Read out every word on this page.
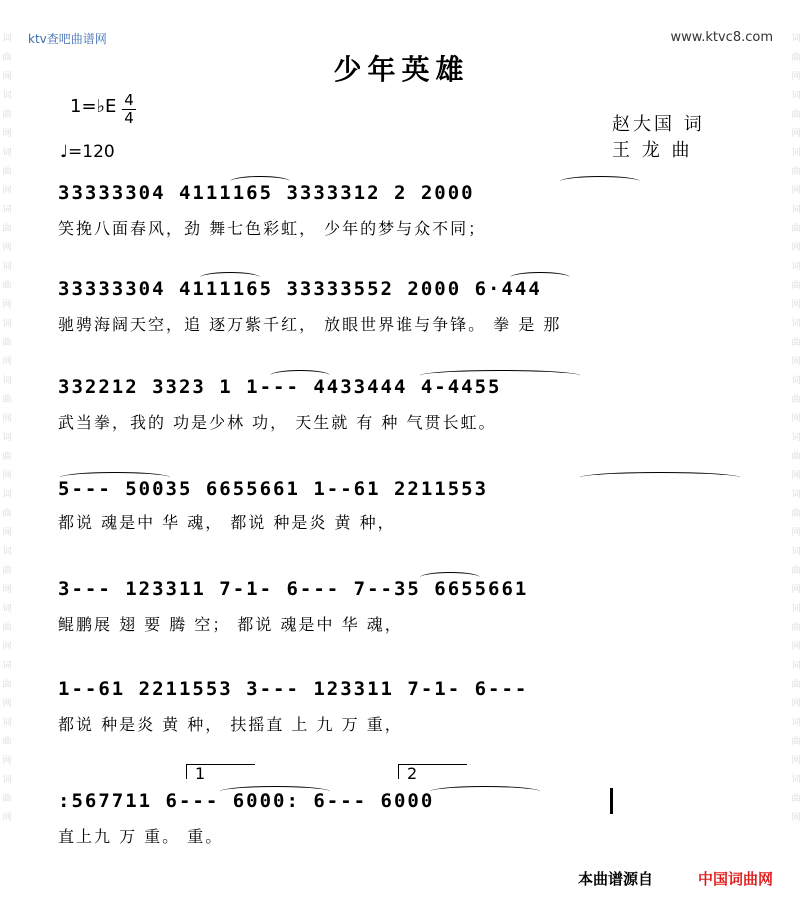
ktv查吧曲谱网	www.ktvc8.com
词曲网词曲网词曲网词曲网词曲网词曲网词曲网词曲网词曲网词曲网词曲网词曲网词曲网词曲网
词曲网词曲网词曲网词曲网词曲网词曲网词曲网词曲网词曲网词曲网词曲网词曲网词曲网词曲网
少年英雄
1=♭E 4
4
♩=120
赵大国 词
王 龙 曲
33333304 4111165 3333312 2 2000
笑挽八面春风，劲 舞七色彩虹， 少年的梦与众不同；
33333304 4111165 33333552 2000 6·444
驰骋海阔天空，追 逐万紫千红， 放眼世界谁与争锋。 拳 是 那
332212 3323 1 1--- 4433444 4-4455
武当拳，我的 功是少林 功， 天生就 有 种 气贯长虹。
5--- 50035 6655661 1--61 2211553
都说 魂是中 华 魂， 都说 种是炎 黄 种，
3--- 123311 7-1- 6--- 7--35 6655661
鲲鹏展 翅 要 腾 空； 都说 魂是中 华 魂，
1--61 2211553 3--- 123311 7-1- 6---
都说 种是炎 黄 种， 扶摇直 上 九 万 重，
1	2
:567711 6--- 6000: 6--- 6000
直上九 万 重。 重。
本曲谱源自	中国词曲网
